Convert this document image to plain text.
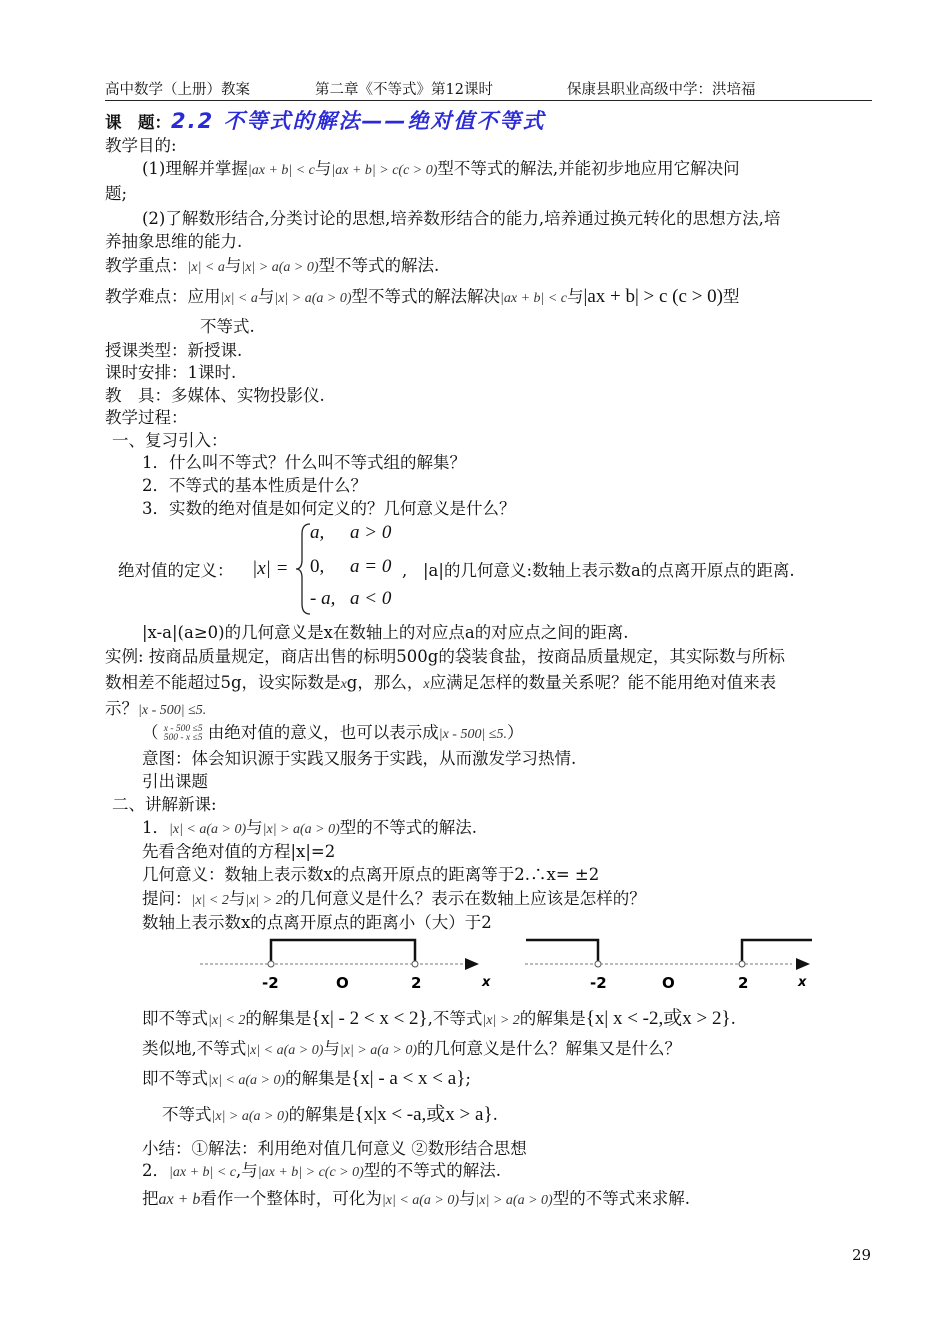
高中数学（上册）教案	第二章《不等式》第12课时	保康县职业高级中学：洪培福
课　题：2.2 不等式的解法——绝对值不等式
教学目的:
(1)理解并掌握|ax + b| < c与|ax + b| > c(c > 0)型不等式的解法,并能初步地应用它解决问
题;
(2)了解数形结合,分类讨论的思想,培养数形结合的能力,培养通过换元转化的思想方法,培
养抽象思维的能力.
教学重点：|x| < a与|x| > a(a > 0)型不等式的解法.
教学难点：应用|x| < a与|x| > a(a > 0)型不等式的解法解决|ax + b| < c与|ax + b| > c (c > 0)型
不等式.
授课类型：新授课.
课时安排：1课时.
教　具：多媒体、实物投影仪.
教学过程：
一、复习引入：
1．什么叫不等式？什么叫不等式组的解集？
2．不等式的基本性质是什么？
3．实数的绝对值是如何定义的？几何意义是什么？
绝对值的定义： |x| =
a, a > 0
0, a = 0
- a, a < 0
, |a|的几何意义:数轴上表示数a的点离开原点的距离.
|x-a|(a≥0)的几何意义是x在数轴上的对应点a的对应点之间的距离.
实例: 按商品质量规定，商店出售的标明500g的袋装食盐，按商品质量规定，其实际数与所标
数相差不能超过5g，设实际数是xg，那么，x应满足怎样的数量关系呢？能不能用绝对值来表
示？|x - 500| ≤5.
（ x - 500 ≤5
500 - x ≤5 由绝对值的意义，也可以表示成|x - 500| ≤5.）
意图：体会知识源于实践又服务于实践，从而激发学习热情.
引出课题
二、讲解新课:
1．|x| < a(a > 0)与|x| > a(a > 0)型的不等式的解法.
先看含绝对值的方程|x|=2
几何意义：数轴上表示数x的点离开原点的距离等于2.∴x= ±2
提问：|x| < 2与|x| > 2的几何意义是什么？表示在数轴上应该是怎样的？
数轴上表示数x的点离开原点的距离小（大）于2
-2	O	2	x	-2	O	2	x
即不等式|x| < 2的解集是{x| - 2 < x < 2},不等式|x| > 2的解集是{x| x < -2,或x > 2}.
类似地,不等式|x| < a(a > 0)与|x| > a(a > 0)的几何意义是什么？解集又是什么？
即不等式|x| < a(a > 0)的解集是{x| - a < x < a};
不等式|x| > a(a > 0)的解集是{x|x < -a,或x > a}.
小结：①解法：利用绝对值几何意义 ②数形结合思想
2．|ax + b| < c,与|ax + b| > c(c > 0)型的不等式的解法.
把ax + b看作一个整体时，可化为|x| < a(a > 0)与|x| > a(a > 0)型的不等式来求解.
29
